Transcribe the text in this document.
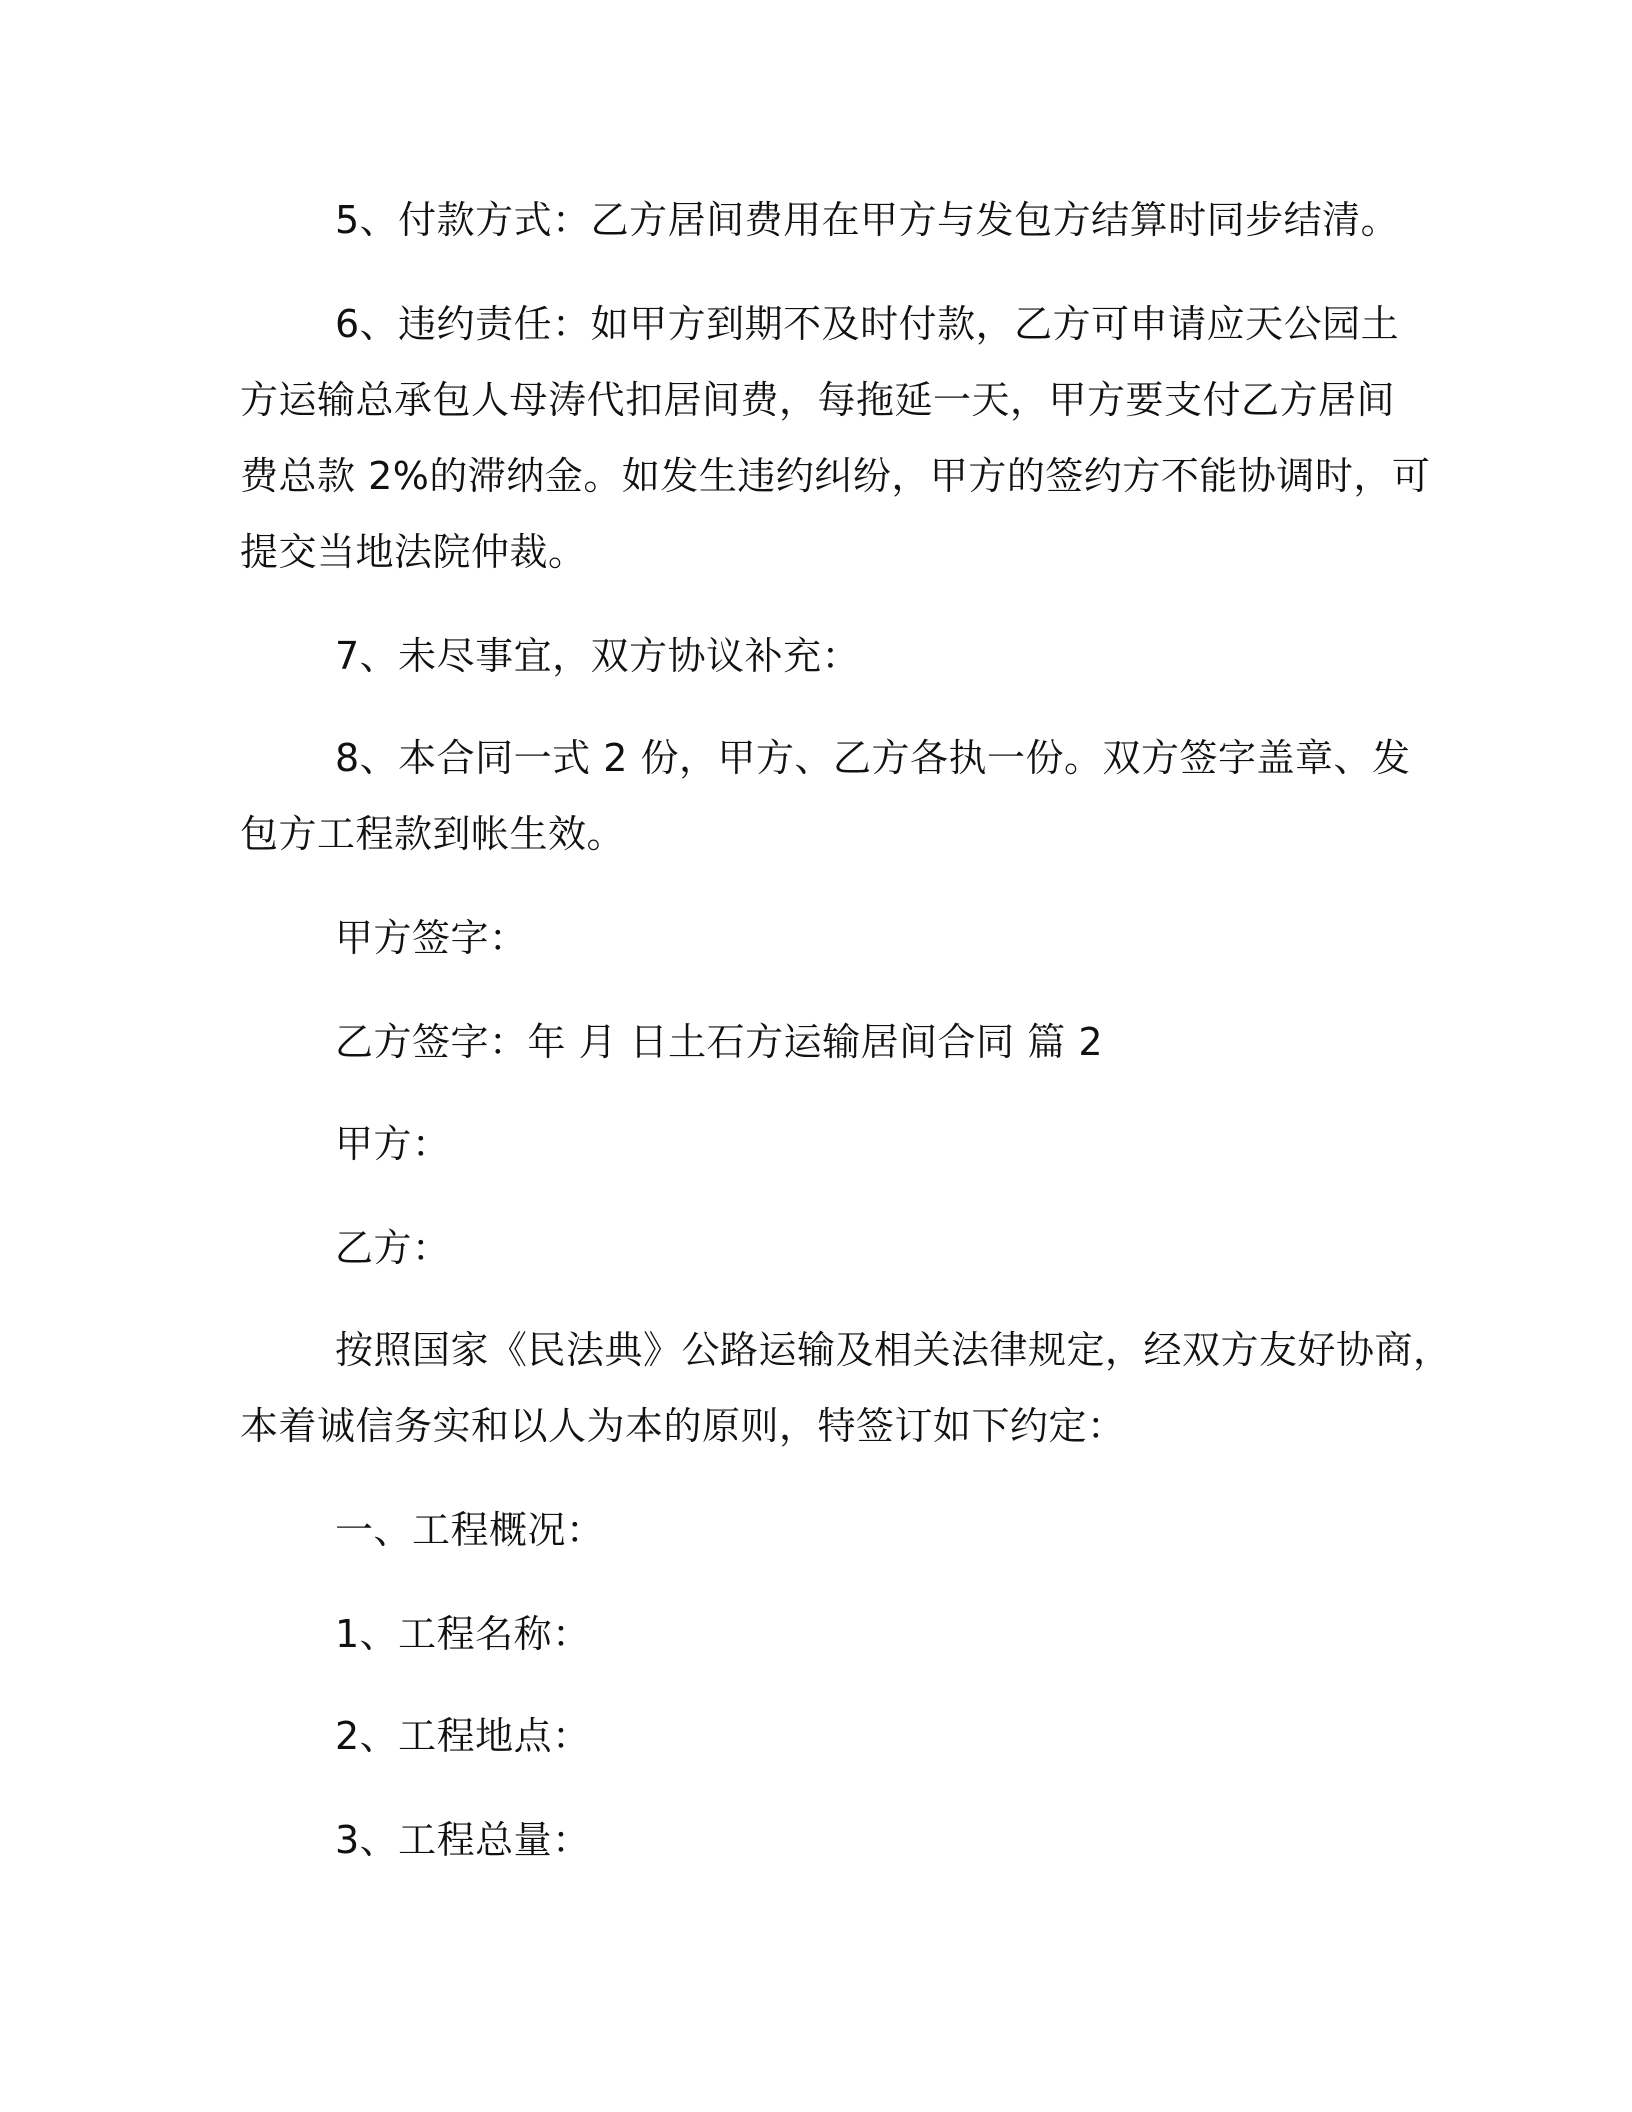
5、付款方式：乙方居间费用在甲方与发包方结算时同步结清。
6、违约责任：如甲方到期不及时付款，乙方可申请应天公园土
方运输总承包人母涛代扣居间费，每拖延一天，甲方要支付乙方居间
费总款 2%的滞纳金。如发生违约纠纷，甲方的签约方不能协调时，可
提交当地法院仲裁。
7、未尽事宜，双方协议补充：
8、本合同一式 2 份，甲方、乙方各执一份。双方签字盖章、发
包方工程款到帐生效。
甲方签字：
乙方签字：年 月 日土石方运输居间合同 篇 2
甲方：
乙方：
按照国家《民法典》公路运输及相关法律规定，经双方友好协商，
本着诚信务实和以人为本的原则，特签订如下约定：
一、工程概况：
1、工程名称：
2、工程地点：
3、工程总量：
